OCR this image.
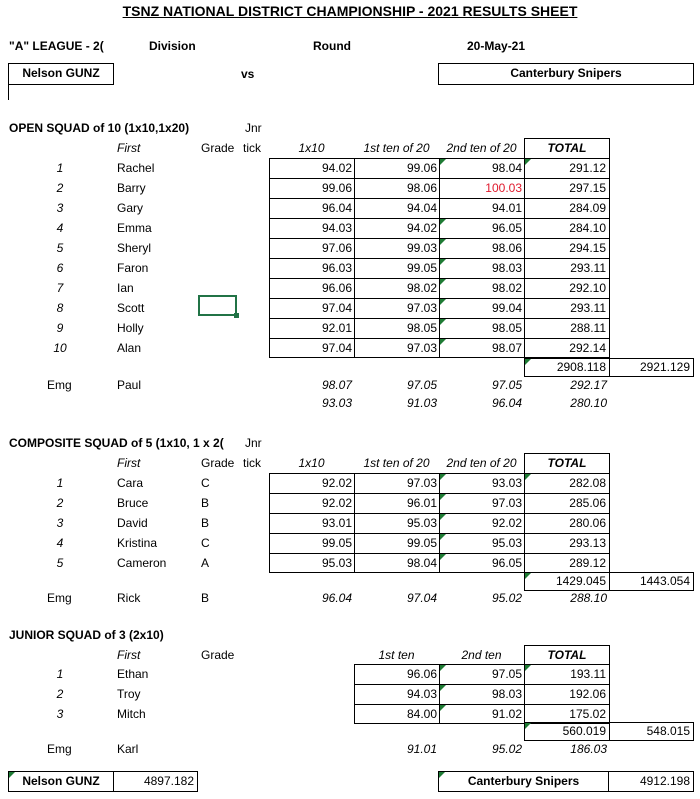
TSNZ NATIONAL DISTRICT CHAMPIONSHIP - 2021 RESULTS SHEET
"A" LEAGUE - 2(	Division	Round	20-May-21
Nelson GUNZ	vs	Canterbury Snipers
OPEN SQUAD of 10 (1x10,1x20)	Jnr
First	Grade tick	1x10	1st ten of 20	2nd ten of 20	TOTAL
1	Rachel	94.02	99.06	98.04	291.12
2	Barry	99.06	98.06	100.03	297.15
3	Gary	96.04	94.04	94.01	284.09
4	Emma	94.03	94.02	96.05	284.10
5	Sheryl	97.06	99.03	98.06	294.15
6	Faron	96.03	99.05	98.03	293.11
7	Ian	96.06	98.02	98.02	292.10
8	Scott	97.04	97.03	99.04	293.11
9	Holly	92.01	98.05	98.05	288.11
10	Alan	97.04	97.03	98.07	292.14
2908.118	2921.129
Emg	Paul	98.07	97.05	97.05	292.17
93.03	91.03	96.04	280.10
COMPOSITE SQUAD of 5 (1x10, 1 x 2( Jnr
First	Grade tick	1x10	1st ten of 20	2nd ten of 20	TOTAL
1	Cara	C	92.02	97.03	93.03	282.08
2	Bruce	B	92.02	96.01	97.03	285.06
3	David	B	93.01	95.03	92.02	280.06
4	Kristina	C	99.05	99.05	95.03	293.13
5	Cameron	A	95.03	98.04	96.05	289.12
1429.045	1443.054
Emg	Rick	B	96.04	97.04	95.02	288.10
JUNIOR SQUAD of 3 (2x10)
First	Grade	1st ten	2nd ten	TOTAL
1	Ethan	96.06	97.05	193.11
2	Troy	94.03	98.03	192.06
3	Mitch	84.00	91.02	175.02
560.019	548.015
Emg	Karl	91.01	95.02	186.03
Nelson GUNZ	4897.182	Canterbury Snipers	4912.198
